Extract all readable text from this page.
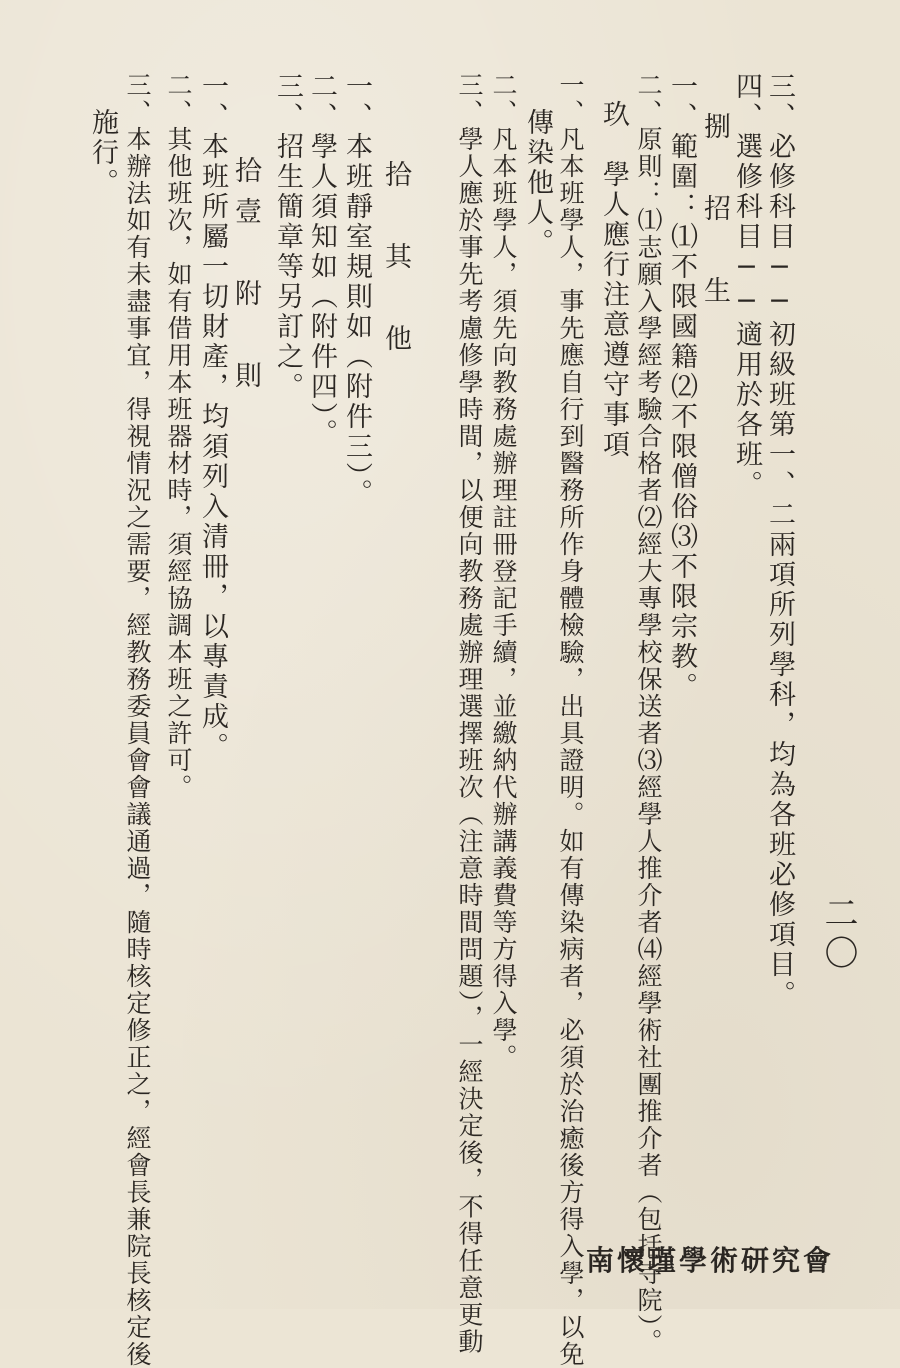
三、必修科目──初級班第一、二兩項所列學科，均為各班必修項目。
四、選修科目──適用於各班。
捌　招　生
一、範圍：⑴不限國籍⑵不限僧俗⑶不限宗教。
二、原則：⑴志願入學經考驗合格者⑵經大專學校保送者⑶經學人推介者⑷經學術社團推介者（包括寺院）。
玖　學人應行注意遵守事項
一、凡本班學人，事先應自行到醫務所作身體檢驗，出具證明。如有傳染病者，必須於治癒後方得入學，以免
傳染他人。
二、凡本班學人，須先向教務處辦理註冊登記手續，並繳納代辦講義費等方得入學。
三、學人應於事先考慮修學時間，以便向教務處辦理選擇班次（注意時間問題），一經決定後，不得任意更動
拾　其　他
一、本班靜室規則如（附件三）。
二、學人須知如（附件四）。
三、招生簡章等另訂之。
拾壹　附　則
一、本班所屬一切財產，均須列入清冊，以專責成。
二、其他班次，如有借用本班器材時，須經協調本班之許可。
三、本辦法如有未盡事宜，得視情況之需要，經教務委員會會議通過，隨時核定修正之，經會長兼院長核定後
施行。
二〇
南懷瑾學術研究會
